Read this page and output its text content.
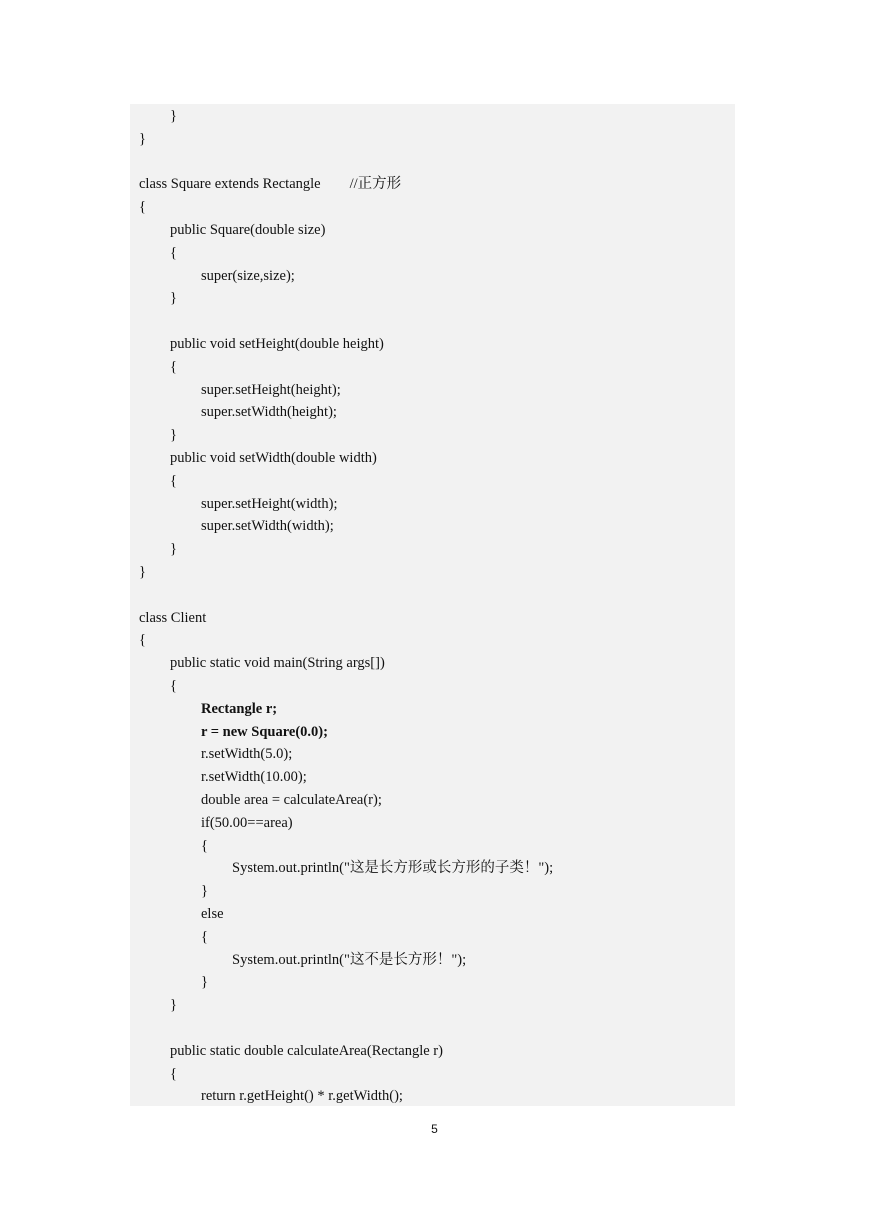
}
}
class Square extends Rectangle        //正方形
{
public Square(double size)
{
super(size,size);
}
public void setHeight(double height)
{
super.setHeight(height);
super.setWidth(height);
}
public void setWidth(double width)
{
super.setHeight(width);
super.setWidth(width);
}
}
class Client
{
public static void main(String args[])
{
Rectangle r;
r = new Square(0.0);
r.setWidth(5.0);
r.setWidth(10.00);
double area = calculateArea(r);
if(50.00==area)
{
System.out.println("这是长方形或长方形的子类！");
}
else
{
System.out.println("这不是长方形！");
}
}
public static double calculateArea(Rectangle r)
{
return r.getHeight() * r.getWidth();
5
